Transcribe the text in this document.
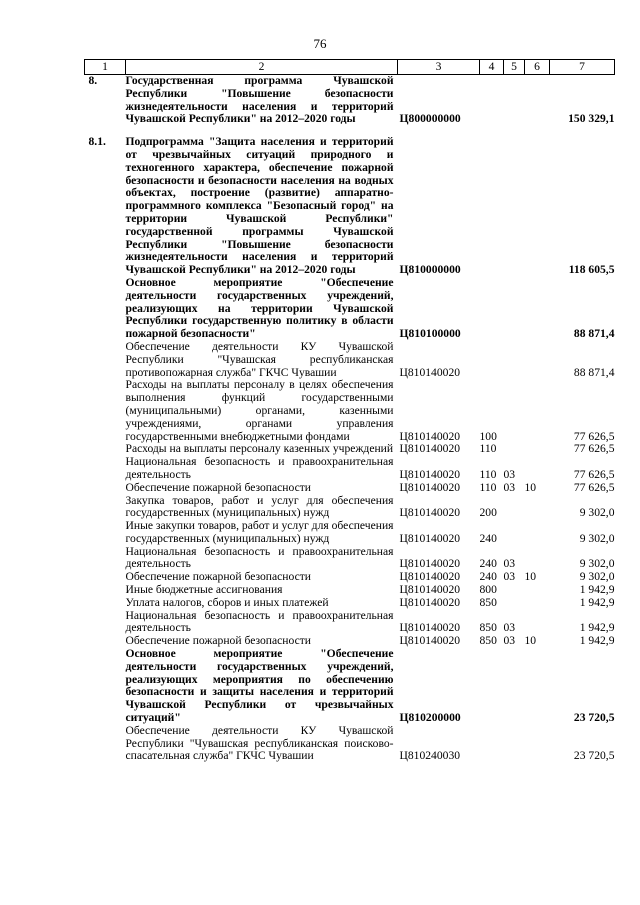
76
1	2	3	4	5	6	7
8.	Государственная программа Чувашской Республики "Повышение безопасности жизнедеятельности населения и территорий Чувашской Республики" на 2012–2020 годы	Ц800000000				150 329,1

8.1.	Подпрограмма "Защита населения и территорий от чрезвычайных ситуаций природного и техногенного характера, обеспечение пожарной безопасности и безопасности населения на водных объектах, построение (развитие) аппаратно-программного комплекса "Безопасный город" на территории Чувашской Республики" государственной программы Чувашской Республики "Повышение безопасности жизнедеятельности населения и территорий Чувашской Республики" на 2012–2020 годы	Ц810000000				118 605,5
	Основное мероприятие "Обеспечение деятельности государственных учреждений, реализующих на территории Чувашской Республики государственную политику в области пожарной безопасности"	Ц810100000				88 871,4
	Обеспечение деятельности КУ Чувашской Республики "Чувашская республиканская противопожарная служба" ГКЧС Чувашии	Ц810140020				88 871,4
	Расходы на выплаты персоналу в целях обеспечения выполнения функций государственными (муниципальными) органами, казенными учреждениями, органами управления государственными внебюджетными фондами	Ц810140020	100			77 626,5
	Расходы на выплаты персоналу казенных учреждений	Ц810140020	110			77 626,5
	Национальная безопасность и правоохранительная деятельность	Ц810140020	110	03		77 626,5
	Обеспечение пожарной безопасности	Ц810140020	110	03	10	77 626,5
	Закупка товаров, работ и услуг для обеспечения государственных (муниципальных) нужд	Ц810140020	200			9 302,0
	Иные закупки товаров, работ и услуг для обеспечения государственных (муниципальных) нужд	Ц810140020	240			9 302,0
	Национальная безопасность и правоохранительная деятельность	Ц810140020	240	03		9 302,0
	Обеспечение пожарной безопасности	Ц810140020	240	03	10	9 302,0
	Иные бюджетные ассигнования	Ц810140020	800			1 942,9
	Уплата налогов, сборов и иных платежей	Ц810140020	850			1 942,9
	Национальная безопасность и правоохранительная деятельность	Ц810140020	850	03		1 942,9
	Обеспечение пожарной безопасности	Ц810140020	850	03	10	1 942,9
	Основное мероприятие "Обеспечение деятельности государственных учреждений, реализующих мероприятия по обеспечению безопасности и защиты населения и территорий Чувашской Республики от чрезвычайных ситуаций"	Ц810200000				23 720,5
	Обеспечение деятельности КУ Чувашской Республики "Чувашская республиканская поисково-спасательная служба" ГКЧС Чувашии	Ц810240030				23 720,5
